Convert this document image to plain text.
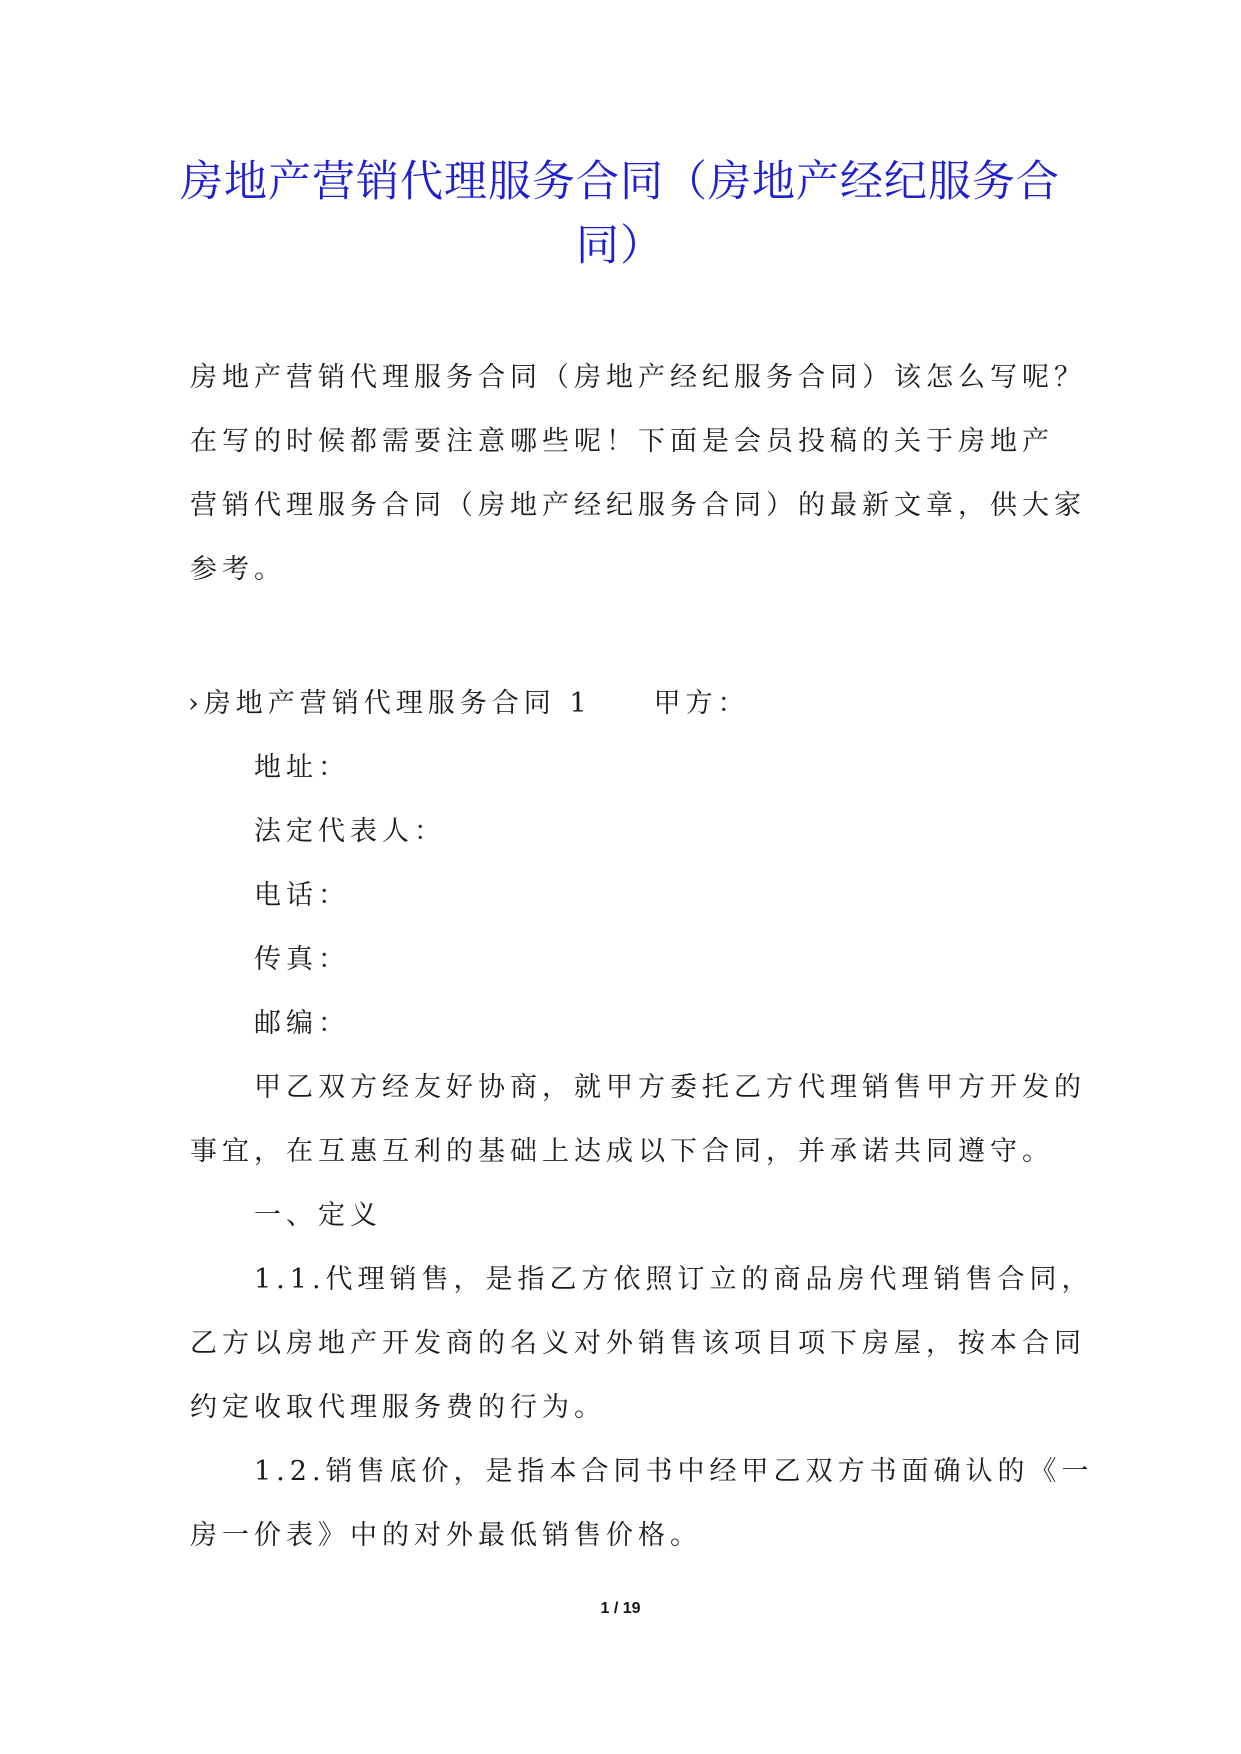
房地产营销代理服务合同（房地产经纪服务合同）
房地产营销代理服务合同（房地产经纪服务合同）该怎么写呢？
在写的时候都需要注意哪些呢！下面是会员投稿的关于房地产
营销代理服务合同（房地产经纪服务合同）的最新文章，供大家
参考。
›房地产营销代理服务合同 1 甲方：
地址：
法定代表人：
电话：
传真：
邮编：
甲乙双方经友好协商，就甲方委托乙方代理销售甲方开发的
事宜，在互惠互利的基础上达成以下合同，并承诺共同遵守。
一、定义
1.1.代理销售，是指乙方依照订立的商品房代理销售合同，
乙方以房地产开发商的名义对外销售该项目项下房屋，按本合同
约定收取代理服务费的行为。
1.2.销售底价，是指本合同书中经甲乙双方书面确认的《一
房一价表》中的对外最低销售价格。
1 / 19
